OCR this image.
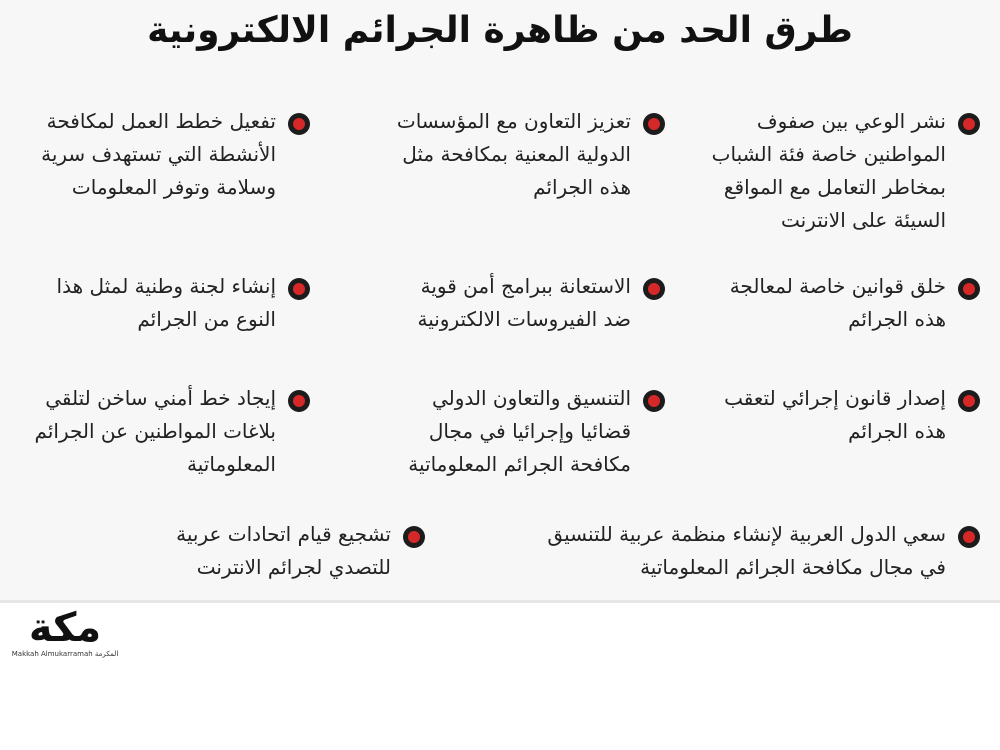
طرق الحد من ظاهرة الجرائم الالكترونية
نشر الوعي بين صفوف
المواطنين خاصة فئة الشباب
بمخاطر التعامل مع المواقع
السيئة على الانترنت
تعزيز التعاون مع المؤسسات
الدولية المعنية بمكافحة مثل
هذه الجرائم
تفعيل خطط العمل لمكافحة
الأنشطة التي تستهدف سرية
وسلامة وتوفر المعلومات
خلق قوانين خاصة لمعالجة
هذه الجرائم
الاستعانة ببرامج أمن قوية
ضد الفيروسات الالكترونية
إنشاء لجنة وطنية لمثل هذا
النوع من الجرائم
إصدار قانون إجرائي لتعقب
هذه الجرائم
التنسيق والتعاون الدولي
قضائيا وإجرائيا في مجال
مكافحة الجرائم المعلوماتية
إيجاد خط أمني ساخن لتلقي
بلاغات المواطنين عن الجرائم
المعلوماتية
سعي الدول العربية لإنشاء منظمة عربية للتنسيق
في مجال مكافحة الجرائم المعلوماتية
تشجيع قيام اتحادات عربية
للتصدي لجرائم الانترنت
مكة
Makkah Almukarramah المكرمة
